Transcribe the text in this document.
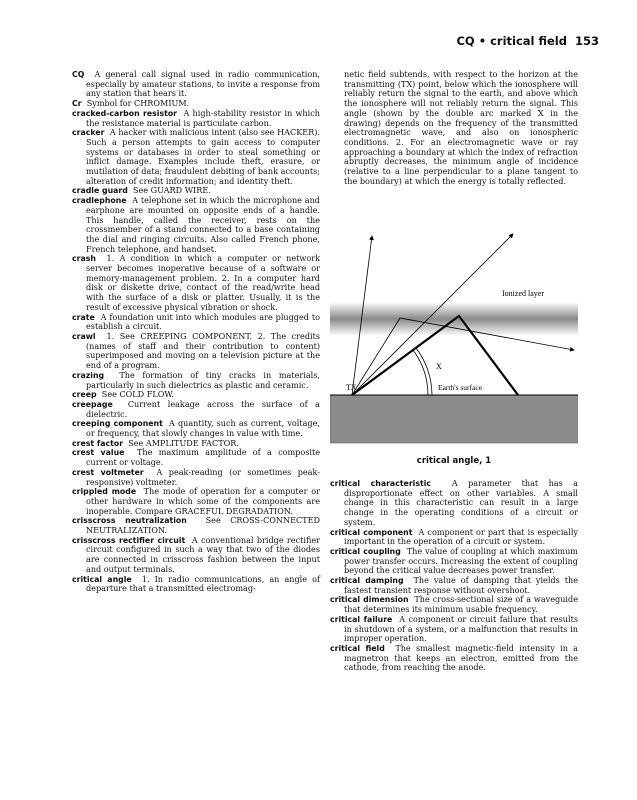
CQ • critical field 153

CQ A general call signal used in radio communication, especially by amateur stations, to invite a response from any station that hears it.

Cr Symbol for CHROMIUM.

cracked-carbon resistor A high-stability resistor in which the resistance material is particulate carbon.

cracker A hacker with malicious intent (also see HACKER). Such a person attempts to gain access to computer systems or databases in order to steal something or inflict damage. Examples include theft, erasure, or mutilation of data; fraudulent debiting of bank accounts; alteration of credit information; and identity theft.

cradle guard See GUARD WIRE.

cradlephone A telephone set in which the microphone and earphone are mounted on opposite ends of a handle. This handle, called the receiver, rests on the crossmember of a stand connected to a base containing the dial and ringing circuits. Also called French phone, French telephone, and handset.

crash 1. A condition in which a computer or network server becomes inoperative because of a software or memory-management problem. 2. In a computer hard disk or diskette drive, contact of the read/write head with the surface of a disk or platter. Usually, it is the result of excessive physical vibration or shock.

crate A foundation unit into which modules are plugged to establish a circuit.

crawl 1. See CREEPING COMPONENT. 2. The credits (names of staff and their contribution to content) superimposed and moving on a television picture at the end of a program.

crazing The formation of tiny cracks in materials, particularly in such dielectrics as plastic and ceramic.

creep See COLD FLOW.

creepage Current leakage across the surface of a dielectric.

creeping component A quantity, such as current, voltage, or frequency, that slowly changes in value with time.

crest factor See AMPLITUDE FACTOR.

crest value The maximum amplitude of a composite current or voltage.

crest voltmeter A peak-reading (or sometimes peak-responsive) voltmeter.

crippled mode The mode of operation for a computer or other hardware in which some of the components are inoperable. Compare GRACEFUL DEGRADATION.

crisscross neutralization See CROSS-CONNECTED NEUTRALIZATION.

crisscross rectifier circuit A conventional bridge rectifier circuit configured in such a way that two of the diodes are connected in crisscross fashion between the input and output terminals.

critical angle 1. In radio communications, an angle of departure that a transmitted electromag-

netic field subtends, with respect to the horizon at the transmitting (TX) point, below which the ionosphere will reliably return the signal to the earth, and above which the ionosphere will not reliably return the signal. This angle (shown by the double arc marked X in the drawing) depends on the frequency of the transmitted electromagnetic wave, and also on ionospheric conditions. 2. For an electromagnetic wave or ray approaching a boundary at which the index of refraction abruptly decreases, the minimum angle of incidence (relative to a line perpendicular to a plane tangent to the boundary) at which the energy is totally reflected.

Ionized layer
X
TX	Earth's surface
critical angle, 1

critical characteristic	A parameter that has a disproportionate effect on other variables. A small change in this characteristic can result in a large change in the operating conditions of a circuit or system.

critical component A component or part that is especially important in the operation of a circuit or system.

critical coupling The value of coupling at which maximum power transfer occurs. Increasing the extent of coupling beyond the critical value decreases power transfer.

critical damping The value of damping that yields the fastest transient response without overshoot.

critical dimension The cross-sectional size of a waveguide that determines its minimum usable frequency.

critical failure A component or circuit failure that results in shutdown of a system, or a malfunction that results in improper operation.

critical field The smallest magnetic-field intensity in a magnetron that keeps an electron, emitted from the cathode, from reaching the anode.
